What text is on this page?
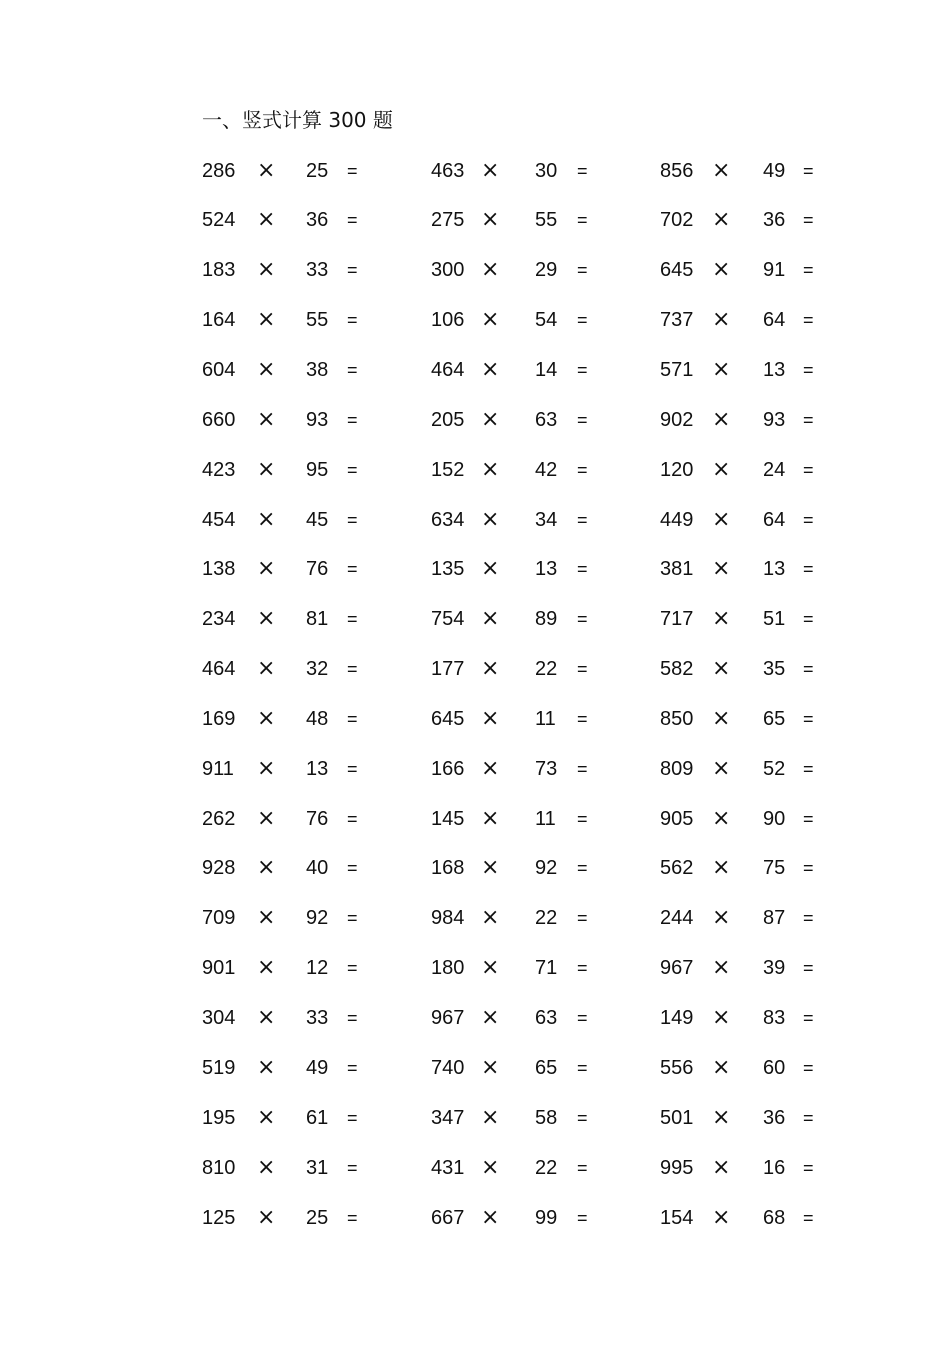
一、竖式计算 300 题
286 × 25 =	463 × 30 =	856 × 49 =
524 × 36 =	275 × 55 =	702 × 36 =
183 × 33 =	300 × 29 =	645 × 91 =
164 × 55 =	106 × 54 =	737 × 64 =
604 × 38 =	464 × 14 =	571 × 13 =
660 × 93 =	205 × 63 =	902 × 93 =
423 × 95 =	152 × 42 =	120 × 24 =
454 × 45 =	634 × 34 =	449 × 64 =
138 × 76 =	135 × 13 =	381 × 13 =
234 × 81 =	754 × 89 =	717 × 51 =
464 × 32 =	177 × 22 =	582 × 35 =
169 × 48 =	645 × 11 =	850 × 65 =
911 × 13 =	166 × 73 =	809 × 52 =
262 × 76 =	145 × 11 =	905 × 90 =
928 × 40 =	168 × 92 =	562 × 75 =
709 × 92 =	984 × 22 =	244 × 87 =
901 × 12 =	180 × 71 =	967 × 39 =
304 × 33 =	967 × 63 =	149 × 83 =
519 × 49 =	740 × 65 =	556 × 60 =
195 × 61 =	347 × 58 =	501 × 36 =
810 × 31 =	431 × 22 =	995 × 16 =
125 × 25 =	667 × 99 =	154 × 68 =
